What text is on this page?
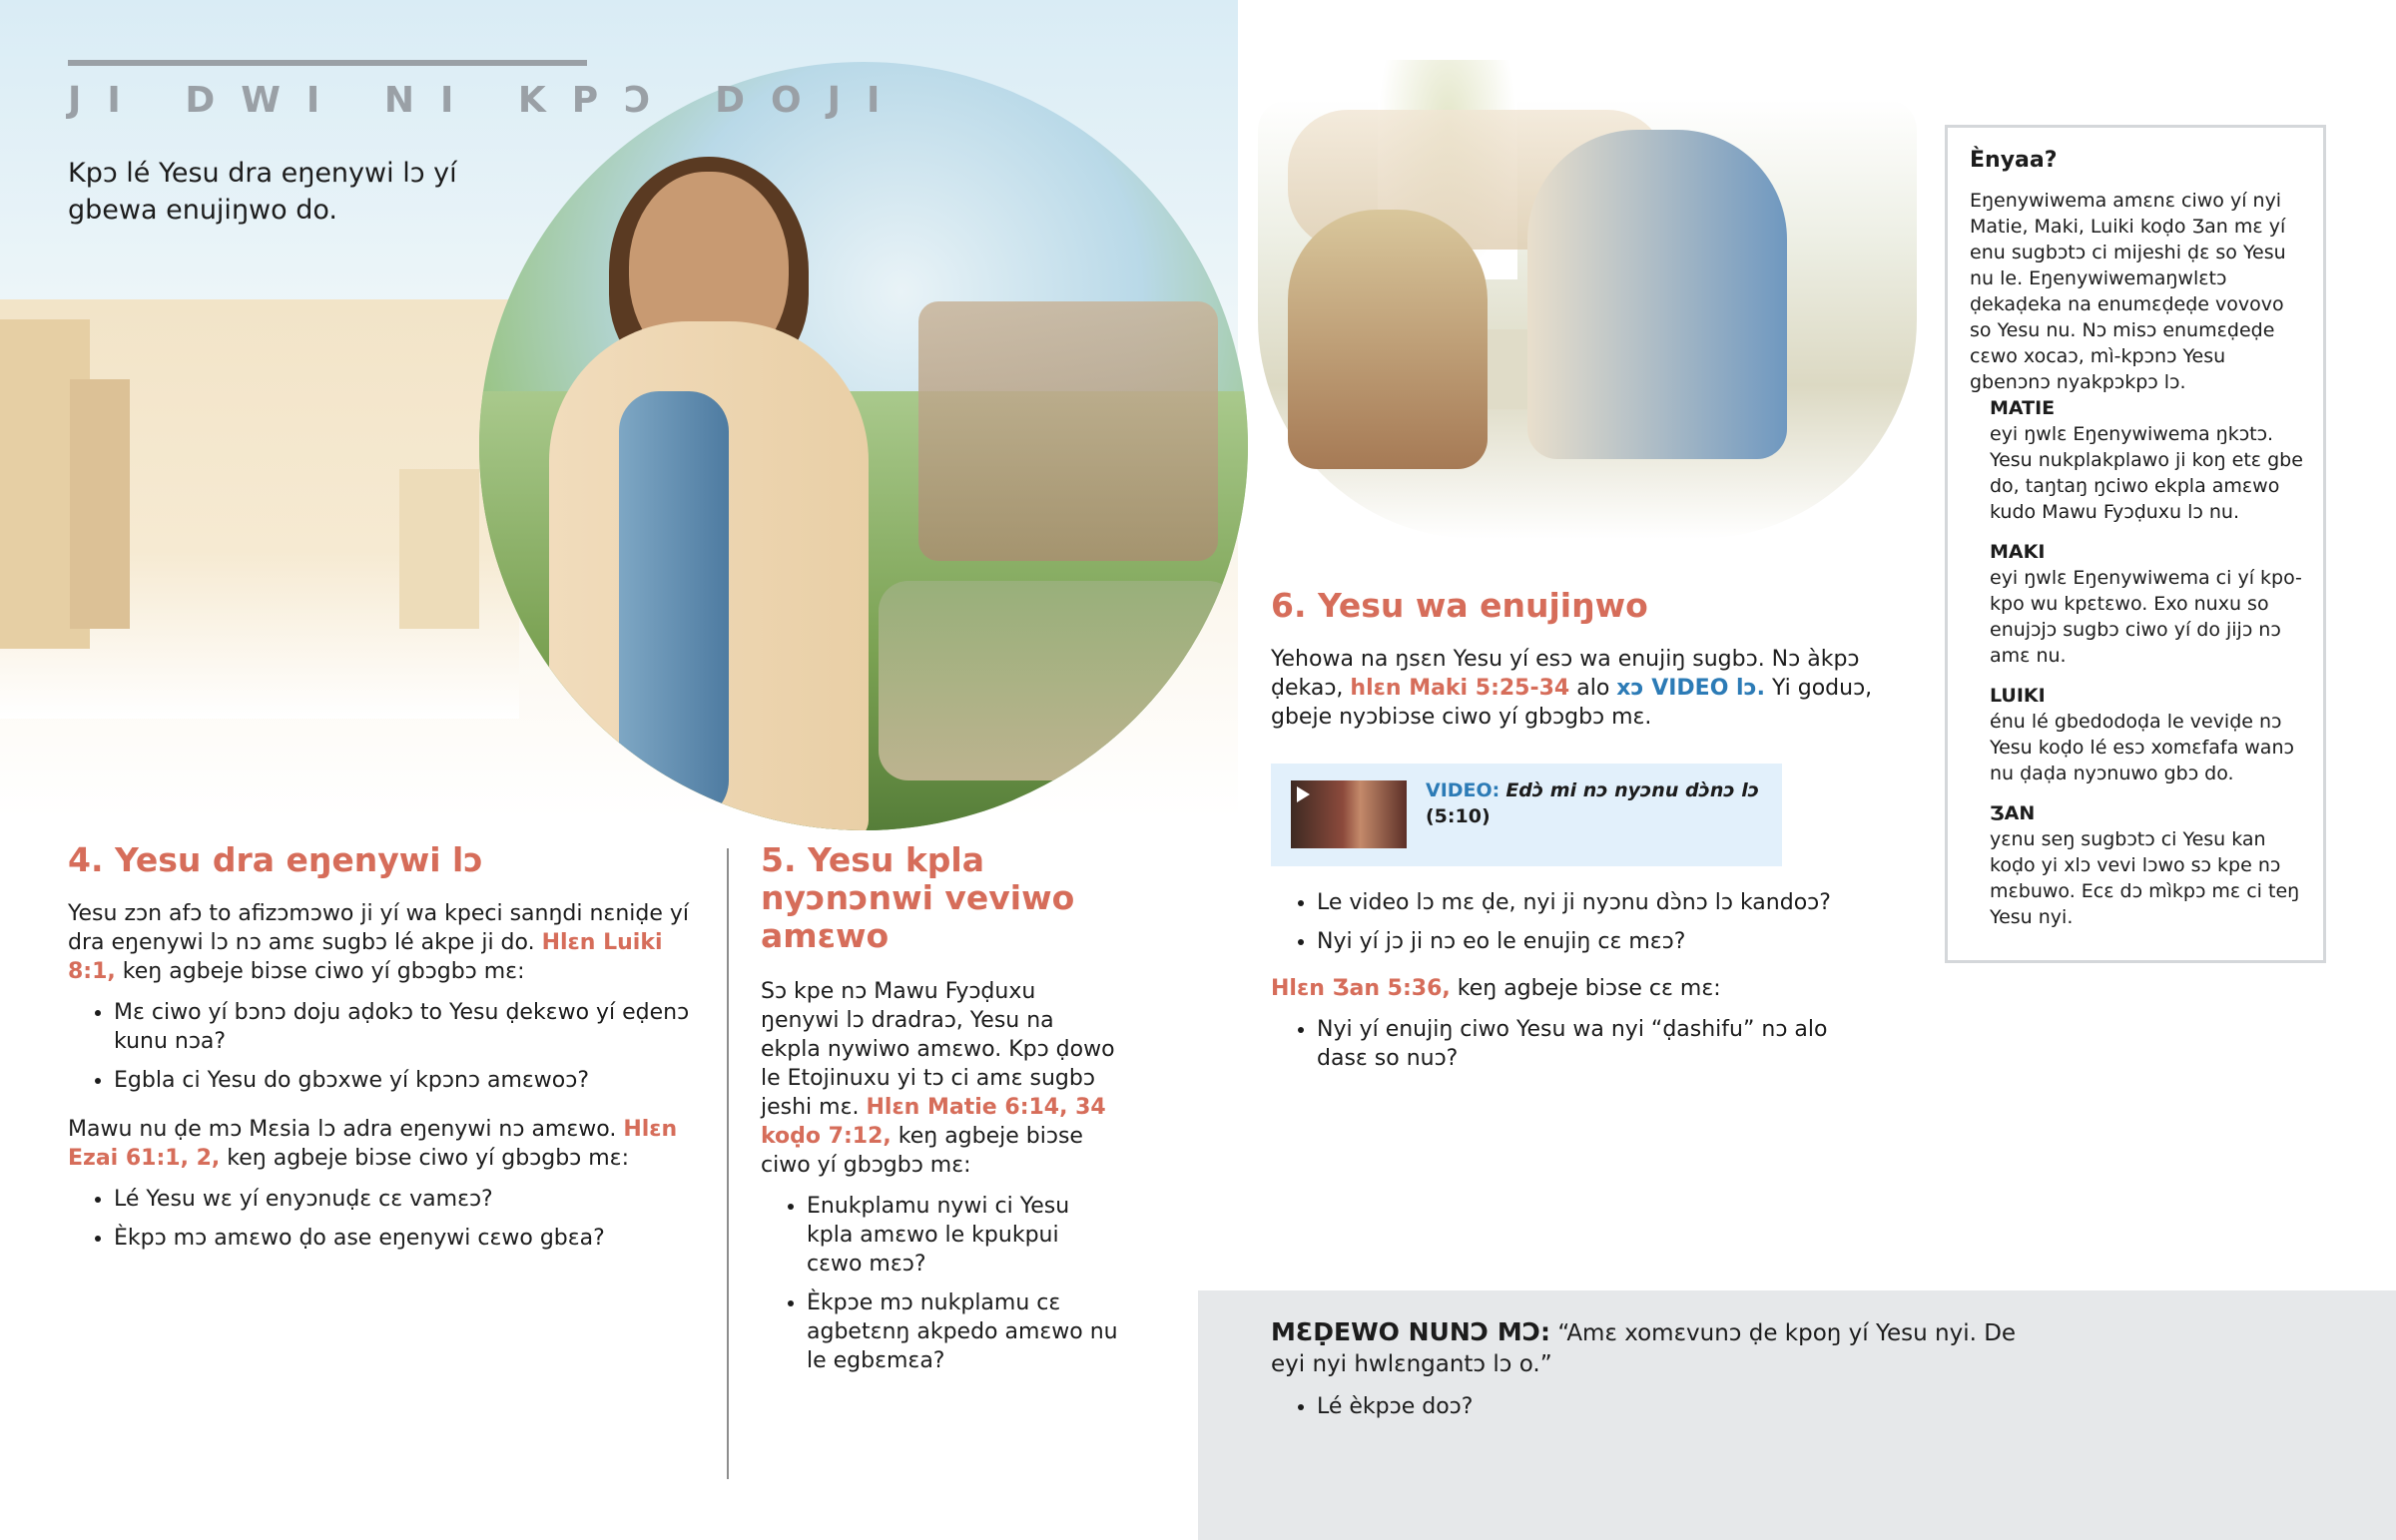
JI DWI NI KPƆ DOJI
Kpɔ lé Yesu dra eŋenywi lɔ yí gbewa enujiŋwo do.
4. Yesu dra eŋenywi lɔ
Yesu zɔn afɔ to afizɔmɔwo ji yí wa kpeci sanŋdi nɛniḍe yí dra eŋenywi lɔ nɔ amɛ sugbɔ lé akpe ji do. Hlɛn Luiki 8:1, keŋ agbeje biɔse ciwo yí gbɔgbɔ mɛ:
• Mɛ ciwo yí bɔnɔ doju aḍokɔ to Yesu ḍekɛwo yí eḍenɔ kunu nɔa?
• Egbla ci Yesu do gbɔxwe yí kpɔnɔ amɛwoɔ?
Mawu nu ḍe mɔ Mɛsia lɔ adra eŋenywi nɔ amɛwo. Hlɛn Ezai 61:1, 2, keŋ agbeje biɔse ciwo yí gbɔgbɔ mɛ:
• Lé Yesu wɛ yí enyɔnuḍɛ cɛ vamɛɔ?
• Èkpɔ mɔ amɛwo ḍo ase eŋenywi cɛwo gbɛa?
5. Yesu kpla nyɔnɔnwi veviwo amɛwo
Sɔ kpe nɔ Mawu Fyɔḍuxu ŋenywi lɔ dradraɔ, Yesu na ekpla nywiwo amɛwo. Kpɔ ḍowo le Etojinuxu yi tɔ ci amɛ sugbɔ jeshi mɛ. Hlɛn Matie 6:14, 34 koḍo 7:12, keŋ agbeje biɔse ciwo yí gbɔgbɔ mɛ:
• Enukplamu nywi ci Yesu kpla amɛwo le kpukpui cɛwo mɛɔ?
• Èkpɔe mɔ nukplamu cɛ agbetɛnŋ akpedo amɛwo nu le egbɛmɛa?
6. Yesu wa enujiŋwo
Yehowa na ŋsɛn Yesu yí esɔ wa enujiŋ sugbɔ. Nɔ àkpɔ ḍekaɔ, hlɛn Maki 5:25-34 alo xɔ VIDEO lɔ. Yi goduɔ, gbeje nyɔbiɔse ciwo yí gbɔgbɔ mɛ.
VIDEO: Edɔ̀ mi nɔ nyɔnu dɔ̀nɔ lɔ
(5:10)
• Le video lɔ mɛ ḍe, nyi ji nyɔnu dɔ̀nɔ lɔ kandoɔ?
• Nyi yí jɔ ji nɔ eo le enujiŋ cɛ mɛɔ?
Hlɛn Ʒan 5:36, keŋ agbeje biɔse cɛ mɛ:
• Nyi yí enujiŋ ciwo Yesu wa nyi “ḍashifu” nɔ alo dasɛ so nuɔ?
Ènyaa?
Eŋenywiwema amɛnɛ ciwo yí nyi Matie, Maki, Luiki koḍo Ʒan mɛ yí enu sugbɔtɔ ci mijeshi ḍɛ so Yesu nu le. Eŋenywiwemaŋwlɛtɔ ḍekaḍeka na enumɛḍeḍe vovovo so Yesu nu. Nɔ misɔ enumɛḍeḍe cɛwo xocaɔ, mì-kpɔnɔ Yesu gbenɔnɔ nyakpɔkpɔ lɔ.
MATIE
eyi ŋwlɛ Eŋenywiwema ŋkɔtɔ. Yesu nukplakplawo ji koŋ etɛ gbe do, taŋtaŋ ŋciwo ekpla amɛwo kudo Mawu Fyɔḍuxu lɔ nu.
MAKI
eyi ŋwlɛ Eŋenywiwema ci yí kpo-kpo wu kpɛtɛwo. Exo nuxu so enujɔjɔ sugbɔ ciwo yí do jijɔ nɔ amɛ nu.
LUIKI
énu lé gbedodoḍa le veviḍe nɔ Yesu koḍo lé esɔ xomɛfafa wanɔ nu ḍaḍa nyɔnuwo gbɔ do.
ƷAN
yɛnu seŋ sugbɔtɔ ci Yesu kan koḍo yi xlɔ vevi lɔwo sɔ kpe nɔ mɛbuwo. Ecɛ dɔ mìkpɔ mɛ ci teŋ Yesu nyi.
MƐḌEWO NUNƆ MƆ: “Amɛ xomɛvunɔ ḍe kpoŋ yí Yesu nyi. De eyi nyi hwlɛngantɔ lɔ o.”
• Lé èkpɔe doɔ?
